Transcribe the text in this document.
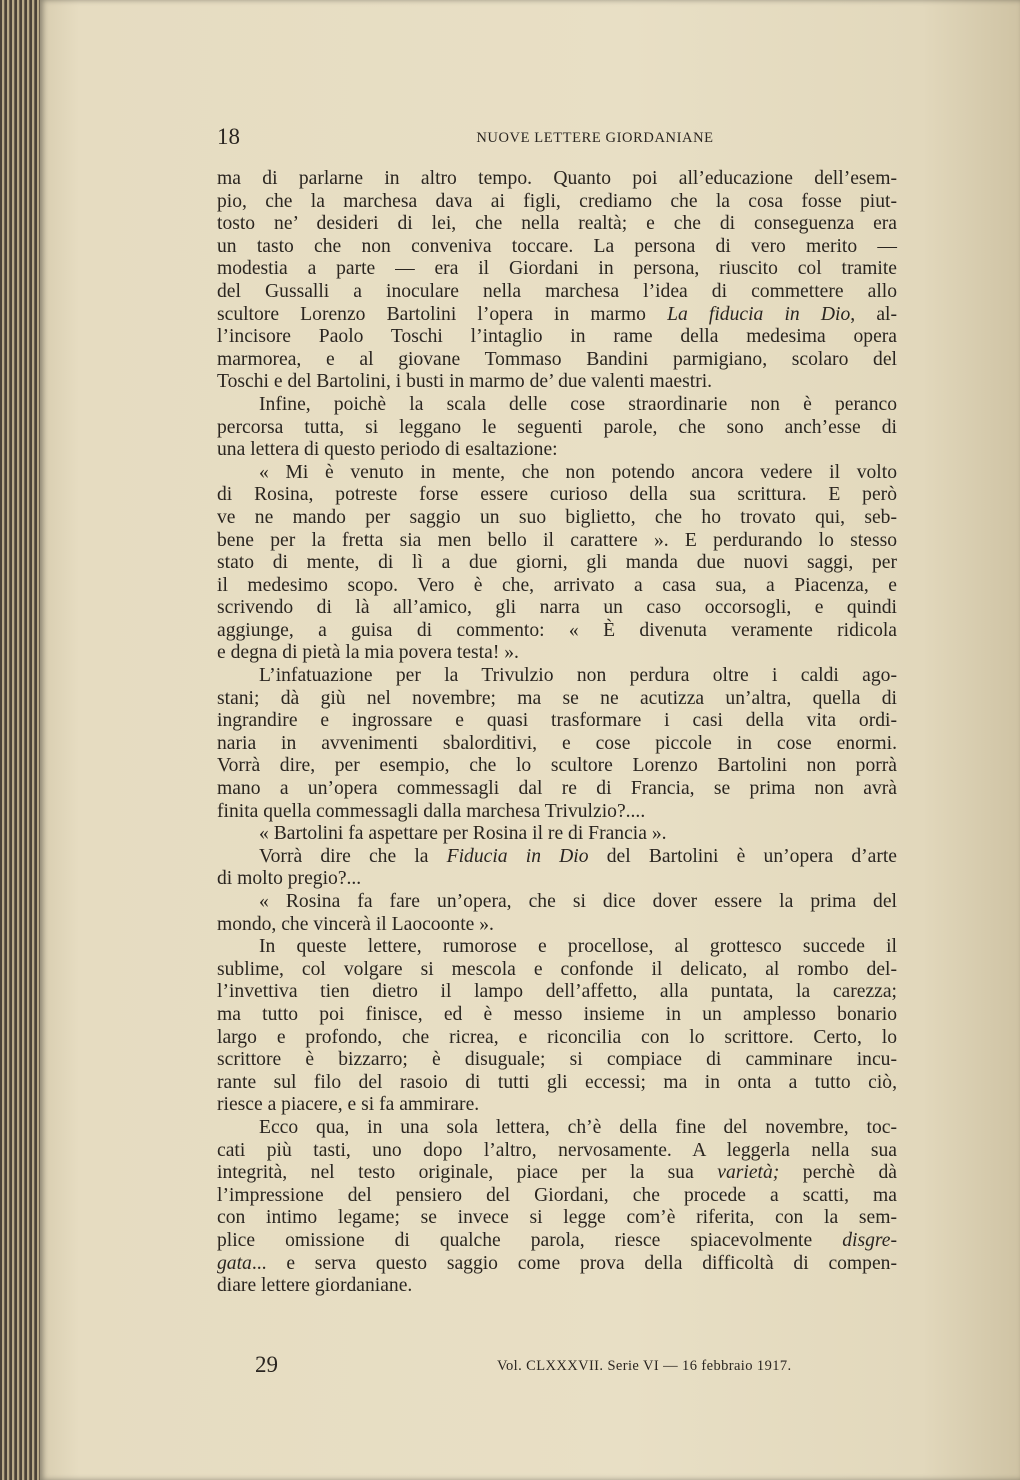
18	NUOVE LETTERE GIORDANIANE
ma di parlarne in altro tempo. Quanto poi all’educazione dell’esem-
pio, che la marchesa dava ai figli, crediamo che la cosa fosse piut-
tosto ne’ desideri di lei, che nella realtà; e che di conseguenza era
un tasto che non conveniva toccare. La persona di vero merito —
modestia a parte — era il Giordani in persona, riuscito col tramite
del Gussalli a inoculare nella marchesa l’idea di commettere allo
scultore Lorenzo Bartolini l’opera in marmo La fiducia in Dio, al-
l’incisore Paolo Toschi l’intaglio in rame della medesima opera
marmorea, e al giovane Tommaso Bandini parmigiano, scolaro del
Toschi e del Bartolini, i busti in marmo de’ due valenti maestri.
Infine, poichè la scala delle cose straordinarie non è peranco
percorsa tutta, si leggano le seguenti parole, che sono anch’esse di
una lettera di questo periodo di esaltazione:
« Mi è venuto in mente, che non potendo ancora vedere il volto
di Rosina, potreste forse essere curioso della sua scrittura. E però
ve ne mando per saggio un suo biglietto, che ho trovato qui, seb-
bene per la fretta sia men bello il carattere ». E perdurando lo stesso
stato di mente, di lì a due giorni, gli manda due nuovi saggi, per
il medesimo scopo. Vero è che, arrivato a casa sua, a Piacenza, e
scrivendo di là all’amico, gli narra un caso occorsogli, e quindi
aggiunge, a guisa di commento: « È divenuta veramente ridicola
e degna di pietà la mia povera testa! ».
L’infatuazione per la Trivulzio non perdura oltre i caldi ago-
stani; dà giù nel novembre; ma se ne acutizza un’altra, quella di
ingrandire e ingrossare e quasi trasformare i casi della vita ordi-
naria in avvenimenti sbalorditivi, e cose piccole in cose enormi.
Vorrà dire, per esempio, che lo scultore Lorenzo Bartolini non porrà
mano a un’opera commessagli dal re di Francia, se prima non avrà
finita quella commessagli dalla marchesa Trivulzio?....
« Bartolini fa aspettare per Rosina il re di Francia ».
Vorrà dire che la Fiducia in Dio del Bartolini è un’opera d’arte
di molto pregio?...
« Rosina fa fare un’opera, che si dice dover essere la prima del
mondo, che vincerà il Laocoonte ».
In queste lettere, rumorose e procellose, al grottesco succede il
sublime, col volgare si mescola e confonde il delicato, al rombo del-
l’invettiva tien dietro il lampo dell’affetto, alla puntata, la carezza;
ma tutto poi finisce, ed è messo insieme in un amplesso bonario
largo e profondo, che ricrea, e riconcilia con lo scrittore. Certo, lo
scrittore è bizzarro; è disuguale; si compiace di camminare incu-
rante sul filo del rasoio di tutti gli eccessi; ma in onta a tutto ciò,
riesce a piacere, e si fa ammirare.
Ecco qua, in una sola lettera, ch’è della fine del novembre, toc-
cati più tasti, uno dopo l’altro, nervosamente. A leggerla nella sua
integrità, nel testo originale, piace per la sua varietà; perchè dà
l’impressione del pensiero del Giordani, che procede a scatti, ma
con intimo legame; se invece si legge com’è riferita, con la sem-
plice omissione di qualche parola, riesce spiacevolmente disgre-
gata... e serva questo saggio come prova della difficoltà di compen-
diare lettere giordaniane.
29	Vol. CLXXXVII. Serie VI — 16 febbraio 1917.
